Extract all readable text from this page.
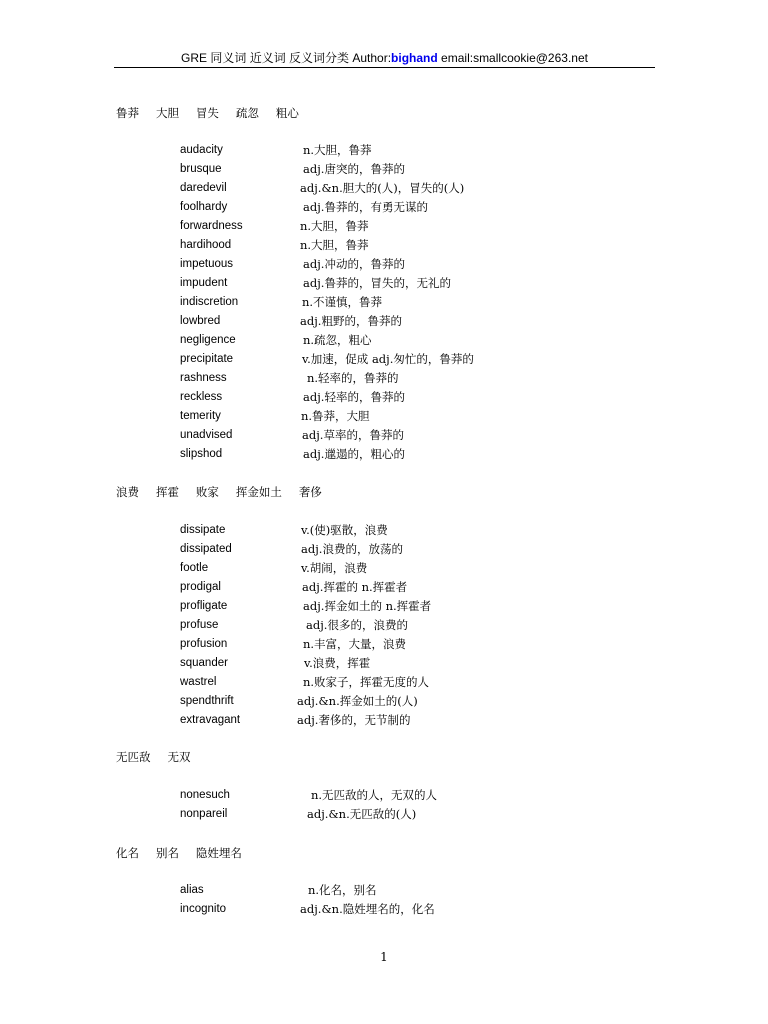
GRE 同义词 近义词 反义词分类 Author:bighand email:smallcookie@263.net
鲁莽   大胆   冒失   疏忽   粗心
audacity	n.大胆，鲁莽
brusque	adj.唐突的，鲁莽的
daredevil	adj.&n.胆大的(人)，冒失的(人)
foolhardy	adj.鲁莽的，有勇无谋的
forwardness	n.大胆，鲁莽
hardihood	n.大胆，鲁莽
impetuous	adj.冲动的，鲁莽的
impudent	adj.鲁莽的，冒失的，无礼的
indiscretion	n.不谨慎，鲁莽
lowbred	adj.粗野的，鲁莽的
negligence	n.疏忽，粗心
precipitate	v.加速，促成 adj.匆忙的，鲁莽的
rashness	n.轻率的，鲁莽的
reckless	adj.轻率的，鲁莽的
temerity	n.鲁莽，大胆
unadvised	adj.草率的，鲁莽的
slipshod	adj.邋遢的，粗心的
浪费   挥霍   败家   挥金如土   奢侈
dissipate	v.(使)驱散，浪费
dissipated	adj.浪费的，放荡的
footle	v.胡闹，浪费
prodigal	adj.挥霍的 n.挥霍者
profligate	adj.挥金如土的 n.挥霍者
profuse	adj.很多的，浪费的
profusion	n.丰富，大量，浪费
squander	v.浪费，挥霍
wastrel	n.败家子，挥霍无度的人
spendthrift	adj.&n.挥金如土的(人)
extravagant	adj.奢侈的，无节制的
无匹敌   无双
nonesuch	n.无匹敌的人，无双的人
nonpareil	adj.&n.无匹敌的(人)
化名   别名   隐姓埋名
alias	n.化名，别名
incognito	adj.&n.隐姓埋名的，化名
1
